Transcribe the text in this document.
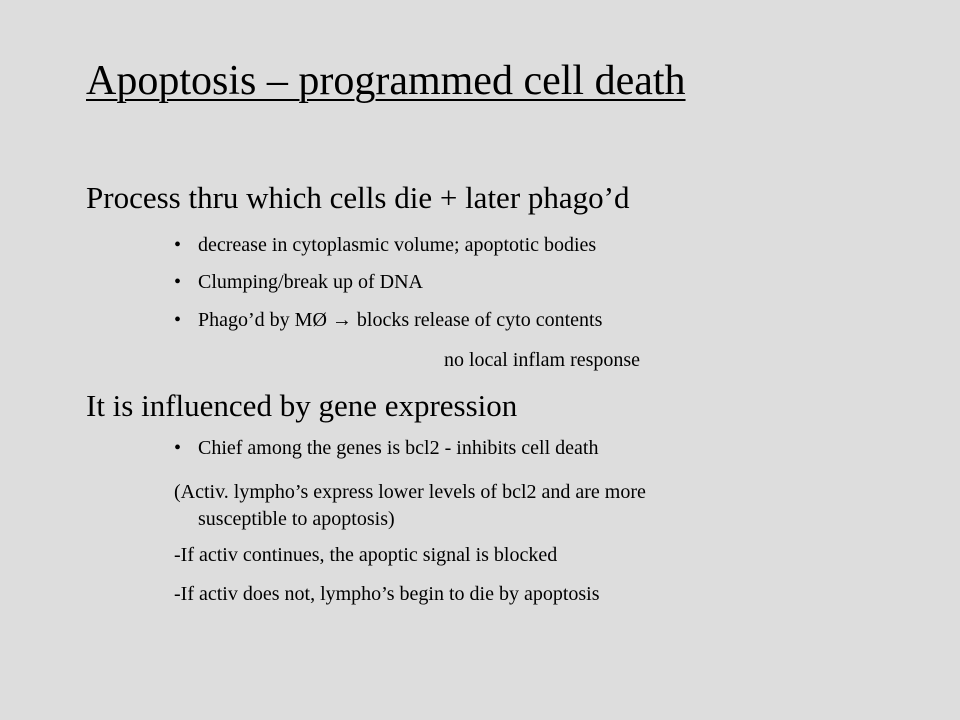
Apoptosis – programmed cell death

Process thru which cells die + later phago’d

• decrease in cytoplasmic volume; apoptotic bodies
• Clumping/break up of DNA
• Phago’d by MØ → blocks release of cyto contents

no local inflam response

It is influenced by gene expression

• Chief among the genes is bcl2 - inhibits cell death

(Activ. lympho’s express lower levels of bcl2 and are more

susceptible to apoptosis)

-If activ continues, the apoptic signal is blocked

-If activ does not, lympho’s begin to die by apoptosis
